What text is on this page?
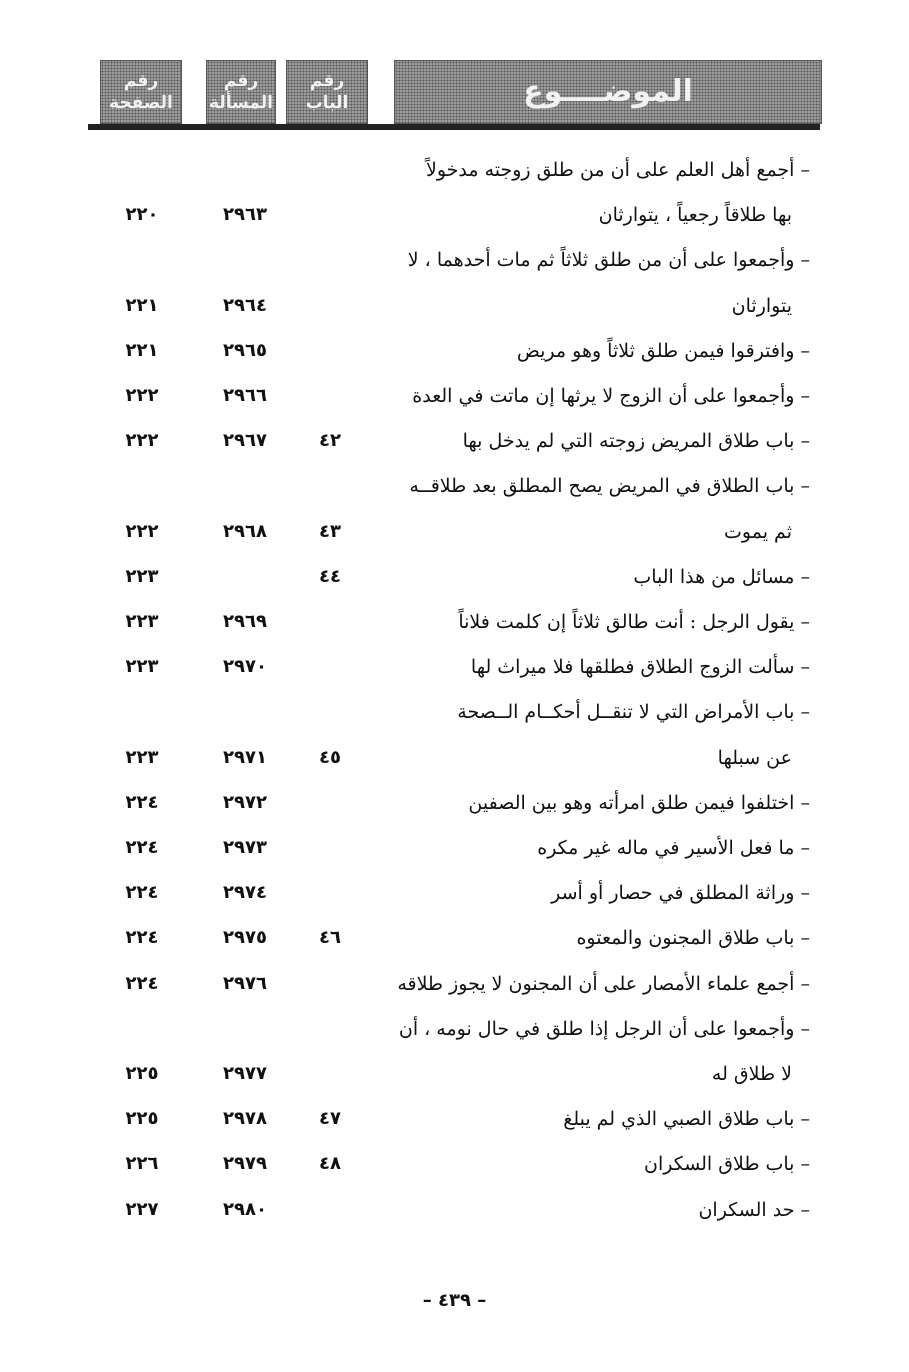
رقم
الصفحة
رقم
المسألة
رقم
الباب	الموضــــوع
– أجمع أهل العلم على أن من طلق زوجته مدخولاً
بها طلاقاً رجعياً ، يتوارثان
٢٩٦٣
٢٢٠
– وأجمعوا على أن من طلق ثلاثاً ثم مات أحدهما ، لا
يتوارثان
٢٩٦٤
٢٢١
– وافترقوا فيمن طلق ثلاثاً وهو مريض
٢٩٦٥
٢٢١
– وأجمعوا على أن الزوج لا يرثها إن ماتت في العدة
٢٩٦٦
٢٢٢
– باب طلاق المريض زوجته التي لم يدخل بها
٤٢
٢٩٦٧
٢٢٢
– باب الطلاق في المريض يصح المطلق بعد طلاقــه
ثم يموت
٤٣
٢٩٦٨
٢٢٢
– مسائل من هذا الباب
٤٤
٢٢٣
– يقول الرجل : أنت طالق ثلاثاً إن كلمت فلاناً
٢٩٦٩
٢٢٣
– سألت الزوج الطلاق فطلقها فلا ميراث لها
٢٩٧٠
٢٢٣
– باب الأمراض التي لا تنقــل أحكــام الــصحة
عن سبلها
٤٥
٢٩٧١
٢٢٣
– اختلفوا فيمن طلق امرأته وهو بين الصفين
٢٩٧٢
٢٢٤
– ما فعل الأسير في ماله غير مكره
٢٩٧٣
٢٢٤
– وراثة المطلق في حصار أو أسر
٢٩٧٤
٢٢٤
– باب طلاق المجنون والمعتوه
٤٦
٢٩٧٥
٢٢٤
– أجمع علماء الأمصار على أن المجنون لا يجوز طلاقه
٢٩٧٦
٢٢٤
– وأجمعوا على أن الرجل إذا طلق في حال نومه ، أن
لا طلاق له
٢٩٧٧
٢٢٥
– باب طلاق الصبي الذي لم يبلغ
٤٧
٢٩٧٨
٢٢٥
– باب طلاق السكران
٤٨
٢٩٧٩
٢٢٦
– حد السكران
٢٩٨٠
٢٢٧
– ٤٣٩ –
